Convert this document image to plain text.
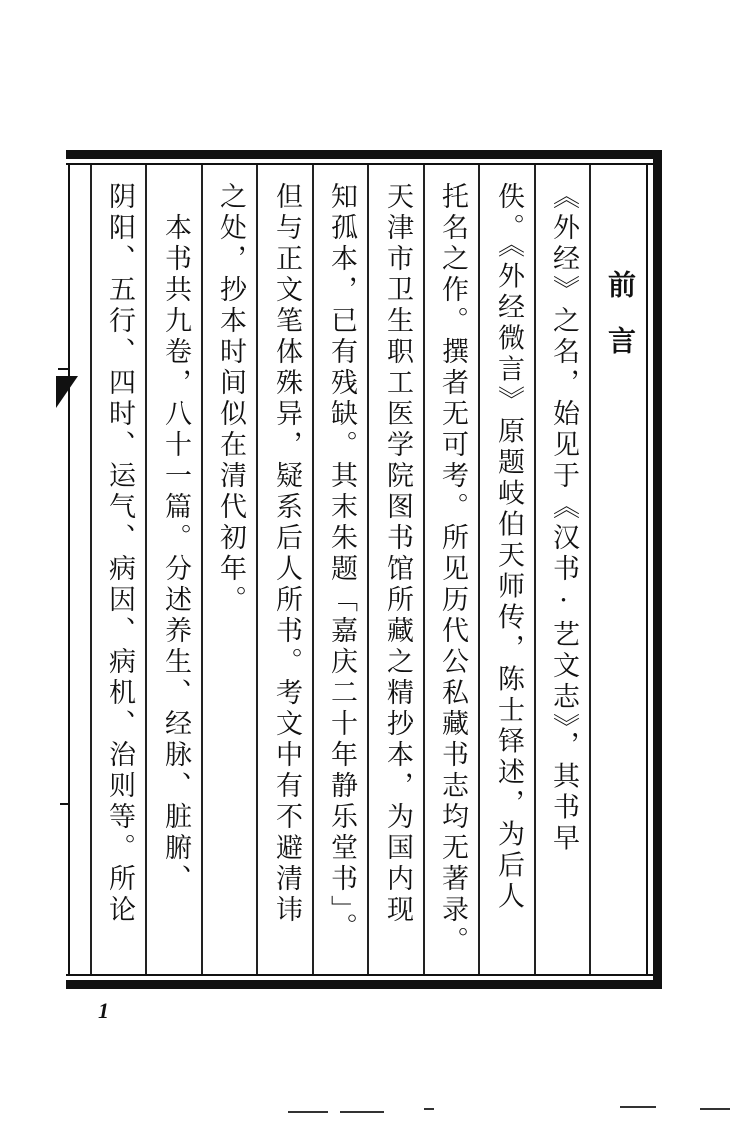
前言
《外经》之名，始见于《汉书·艺文志》，其书早
佚。《外经微言》原题岐伯天师传，陈士铎述，为后人
托名之作。撰者无可考。所见历代公私藏书志均无著录。
天津市卫生职工医学院图书馆所藏之精抄本，为国内现
知孤本，已有残缺。其末朱题「嘉庆二十年静乐堂书」。
但与正文笔体殊异，疑系后人所书。考文中有不避清讳
之处，抄本时间似在清代初年。
　本书共九卷，八十一篇。分述养生、经脉、脏腑、
阴阳、五行、四时、运气、病因、病机、治则等。所论
1
